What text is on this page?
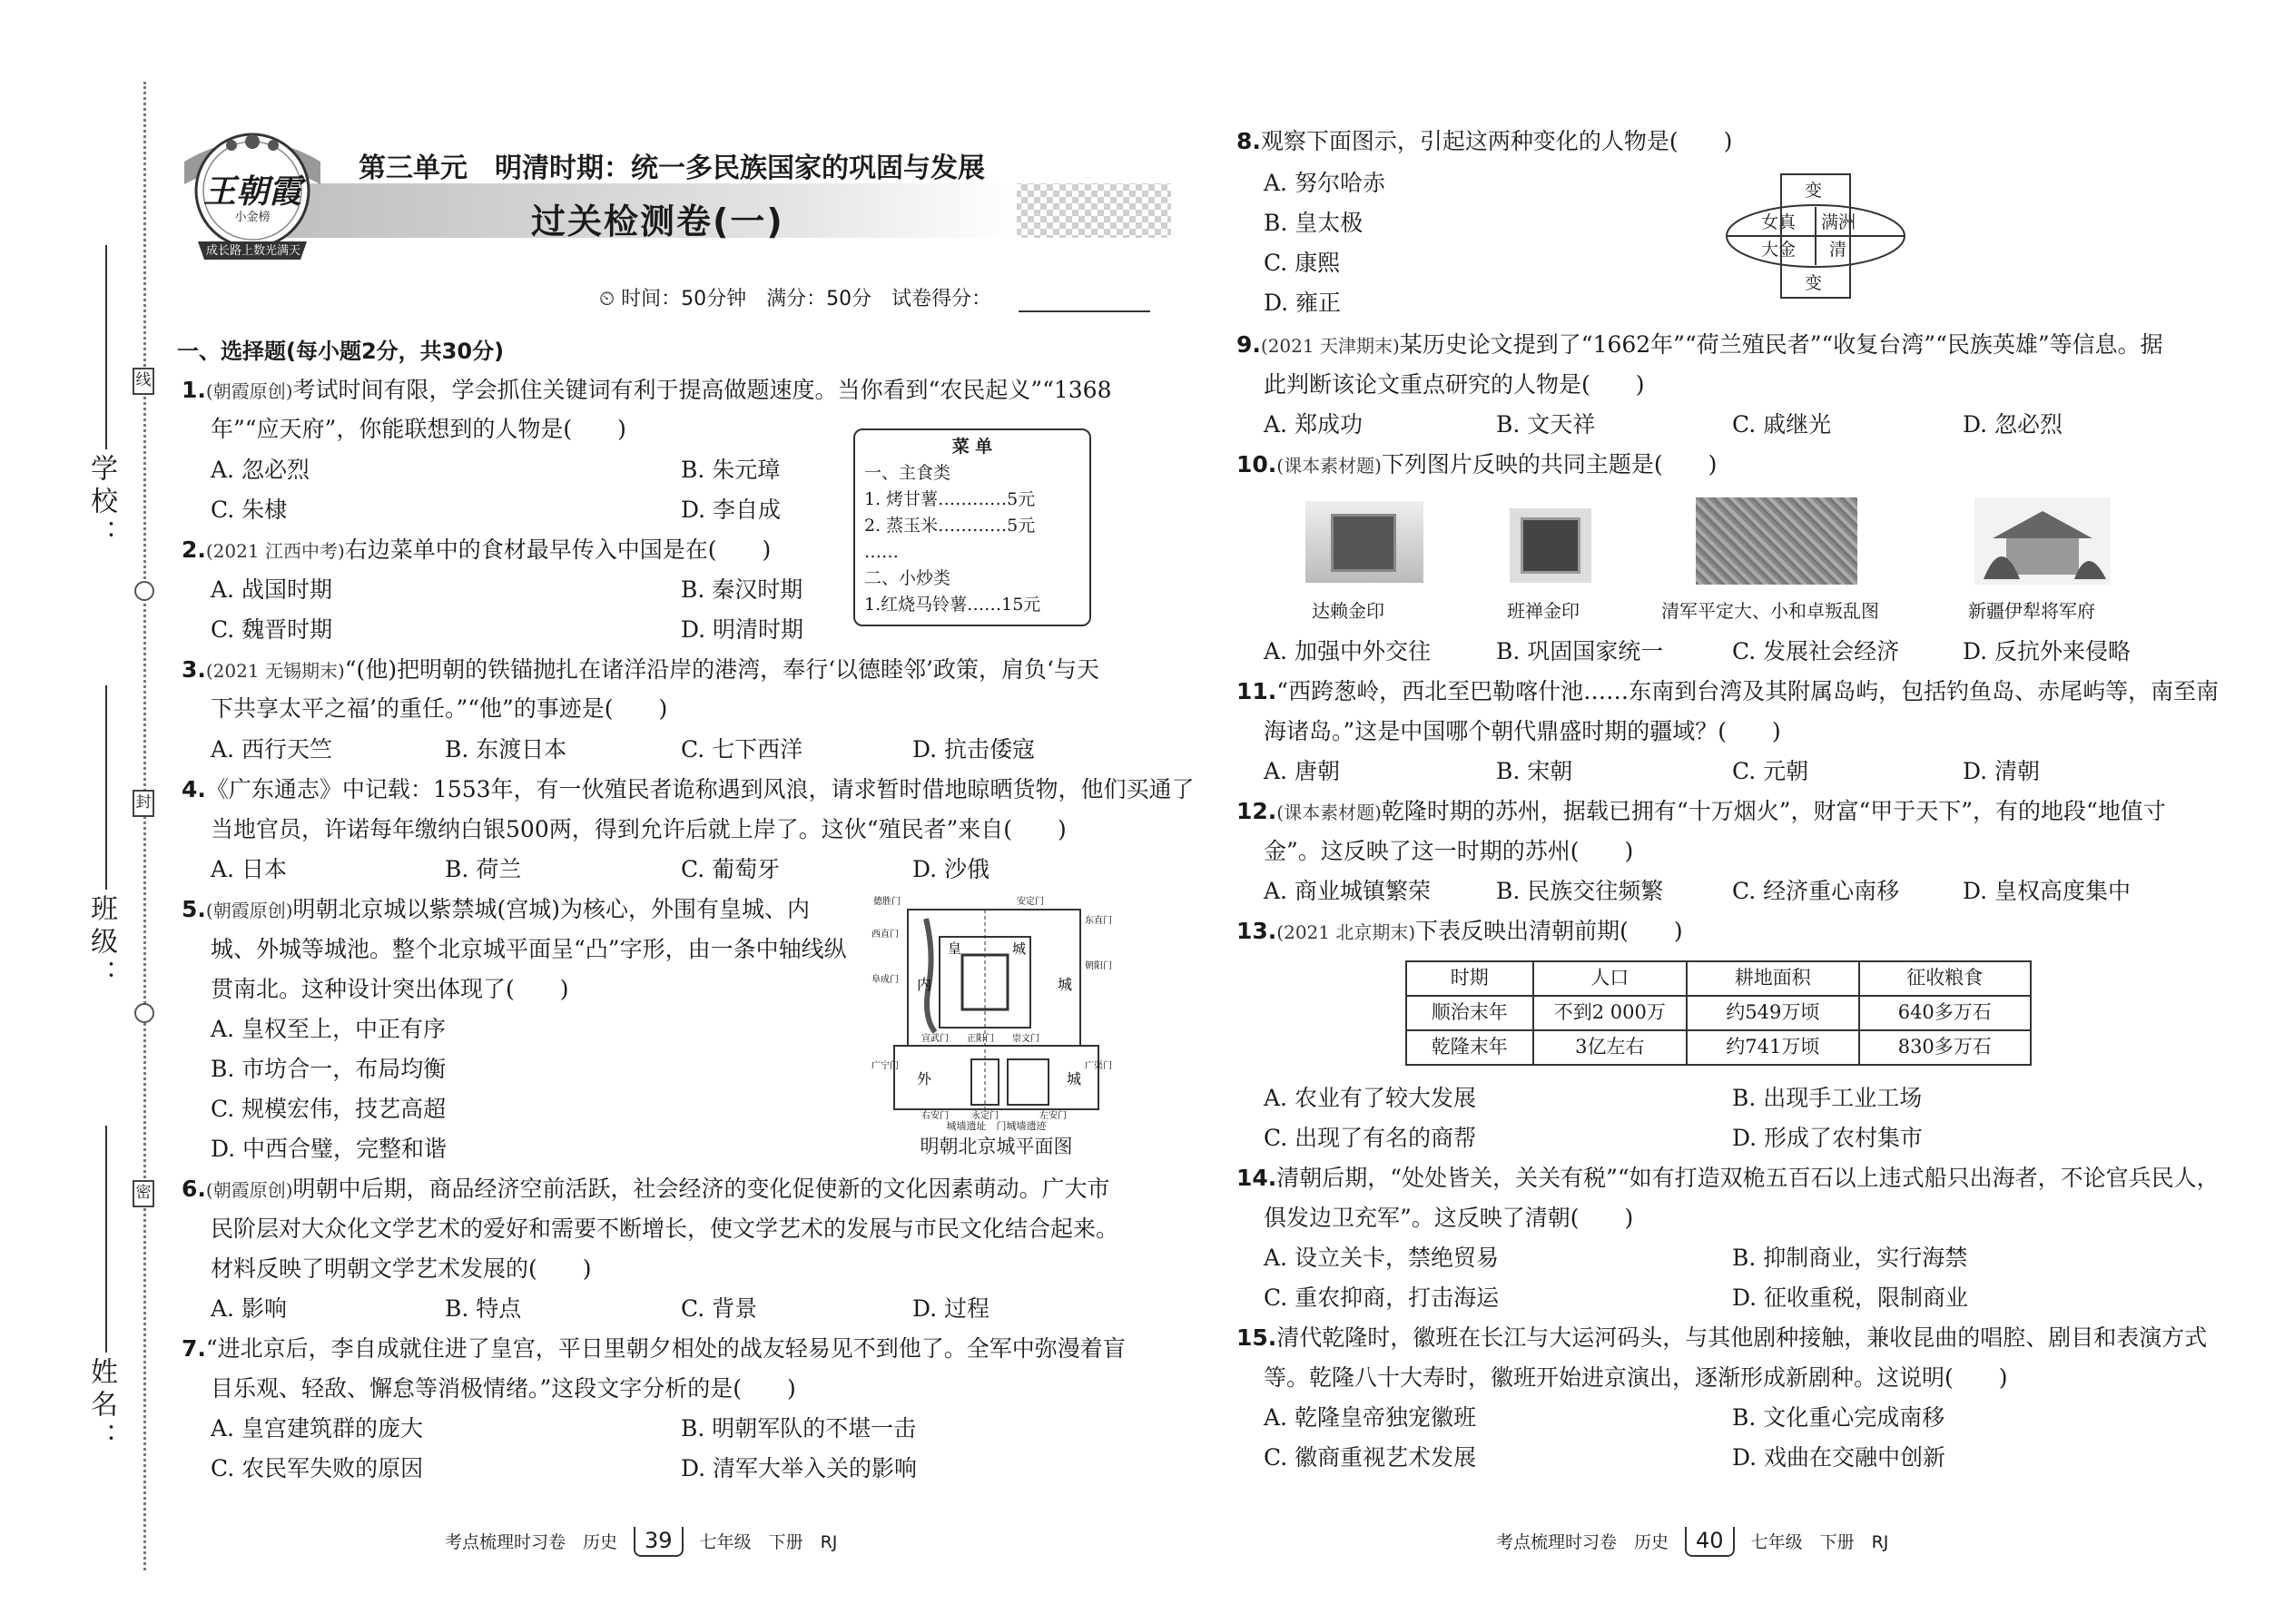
学校：
班级：
姓名：
线
封
密
王朝霞
小金榜
成长路上 数光满天
第三单元　明清时期：统一多民族国家的巩固与发展
过关检测卷(一)
⏲ 时间：50分钟　满分：50分　试卷得分：
一、选择题(每小题2分，共30分)
1.(朝霞原创)考试时间有限，学会抓住关键词有利于提高做题速度。当你看到“农民起义”“1368
年”“应天府”，你能联想到的人物是(　　)
A. 忽必烈	B. 朱元璋
C. 朱棣	D. 李自成
菜 单
一、主食类
1. 烤甘薯…………5元
2. 蒸玉米…………5元
……
二、小炒类
1.红烧马铃薯……15元
2.(2021 江西中考)右边菜单中的食材最早传入中国是在(　　)
A. 战国时期	B. 秦汉时期
C. 魏晋时期	D. 明清时期
3.(2021 无锡期末)“(他)把明朝的铁锚抛扎在诸洋沿岸的港湾，奉行‘以德睦邻’政策，肩负‘与天
下共享太平之福’的重任。”“他”的事迹是(　　)
A. 西行天竺	B. 东渡日本	C. 七下西洋	D. 抗击倭寇
4.《广东通志》中记载：1553年，有一伙殖民者诡称遇到风浪，请求暂时借地晾晒货物，他们买通了
当地官员，许诺每年缴纳白银500两，得到允许后就上岸了。这伙“殖民者”来自(　　)
A. 日本	B. 荷兰	C. 葡萄牙	D. 沙俄
5.(朝霞原创)明朝北京城以紫禁城(宫城)为核心，外围有皇城、内
城、外城等城池。整个北京城平面呈“凸”字形，由一条中轴线纵
贯南北。这种设计突出体现了(　　)
A. 皇权至上，中正有序
B. 市坊合一，布局均衡
C. 规模宏伟，技艺高超
D. 中西合璧，完整和谐
内	城
外	城
皇	城
德胜门	安定门
东直门
西直门
朝阳门
阜成门
崇文门
宣武门 正阳门
广宁门	广渠门
右安门	永定门	左安门
城墙遗址　门城墙遗迹
明朝北京城平面图
6.(朝霞原创)明朝中后期，商品经济空前活跃，社会经济的变化促使新的文化因素萌动。广大市
民阶层对大众化文学艺术的爱好和需要不断增长，使文学艺术的发展与市民文化结合起来。
材料反映了明朝文学艺术发展的(　　)
A. 影响	B. 特点	C. 背景	D. 过程
7.“进北京后，李自成就住进了皇宫，平日里朝夕相处的战友轻易见不到他了。全军中弥漫着盲
目乐观、轻敌、懈怠等消极情绪。”这段文字分析的是(　　)
A. 皇宫建筑群的庞大	B. 明朝军队的不堪一击
C. 农民军失败的原因	D. 清军大举入关的影响
8.观察下面图示，引起这两种变化的人物是(　　)
A. 努尔哈赤
B. 皇太极
C. 康熙
D. 雍正
变
女真 满洲
大金 清
变
9.(2021 天津期末)某历史论文提到了“1662年”“荷兰殖民者”“收复台湾”“民族英雄”等信息。据
此判断该论文重点研究的人物是(　　)
A. 郑成功	B. 文天祥	C. 戚继光	D. 忽必烈
10.(课本素材题)下列图片反映的共同主题是(　　)
达赖金印	班禅金印	清军平定大、小和卓叛乱图	新疆伊犁将军府
A. 加强中外交往	B. 巩固国家统一	C. 发展社会经济	D. 反抗外来侵略
11.“西跨葱岭，西北至巴勒喀什池……东南到台湾及其附属岛屿，包括钓鱼岛、赤尾屿等，南至南
海诸岛。”这是中国哪个朝代鼎盛时期的疆域？(　　)
A. 唐朝	B. 宋朝	C. 元朝	D. 清朝
12.(课本素材题)乾隆时期的苏州，据载已拥有“十万烟火”，财富“甲于天下”，有的地段“地值寸
金”。这反映了这一时期的苏州(　　)
A. 商业城镇繁荣	B. 民族交往频繁	C. 经济重心南移	D. 皇权高度集中
13.(2021 北京期末)下表反映出清朝前期(　　)
时期	人口	耕地面积	征收粮食
顺治末年	不到2 000万	约549万顷	640多万石
乾隆末年	3亿左右	约741万顷	830多万石
A. 农业有了较大发展	B. 出现手工业工场
C. 出现了有名的商帮	D. 形成了农村集市
14.清朝后期，“处处皆关，关关有税”“如有打造双桅五百石以上违式船只出海者，不论官兵民人，
俱发边卫充军”。这反映了清朝(　　)
A. 设立关卡，禁绝贸易	B. 抑制商业，实行海禁
C. 重农抑商，打击海运	D. 征收重税，限制商业
15.清代乾隆时，徽班在长江与大运河码头，与其他剧种接触，兼收昆曲的唱腔、剧目和表演方式
等。乾隆八十大寿时，徽班开始进京演出，逐渐形成新剧种。这说明(　　)
A. 乾隆皇帝独宠徽班	B. 文化重心完成南移
C. 徽商重视艺术发展	D. 戏曲在交融中创新
考点梳理时习卷　历史 39 七年级　下册　RJ	考点梳理时习卷　历史 40 七年级　下册　RJ
